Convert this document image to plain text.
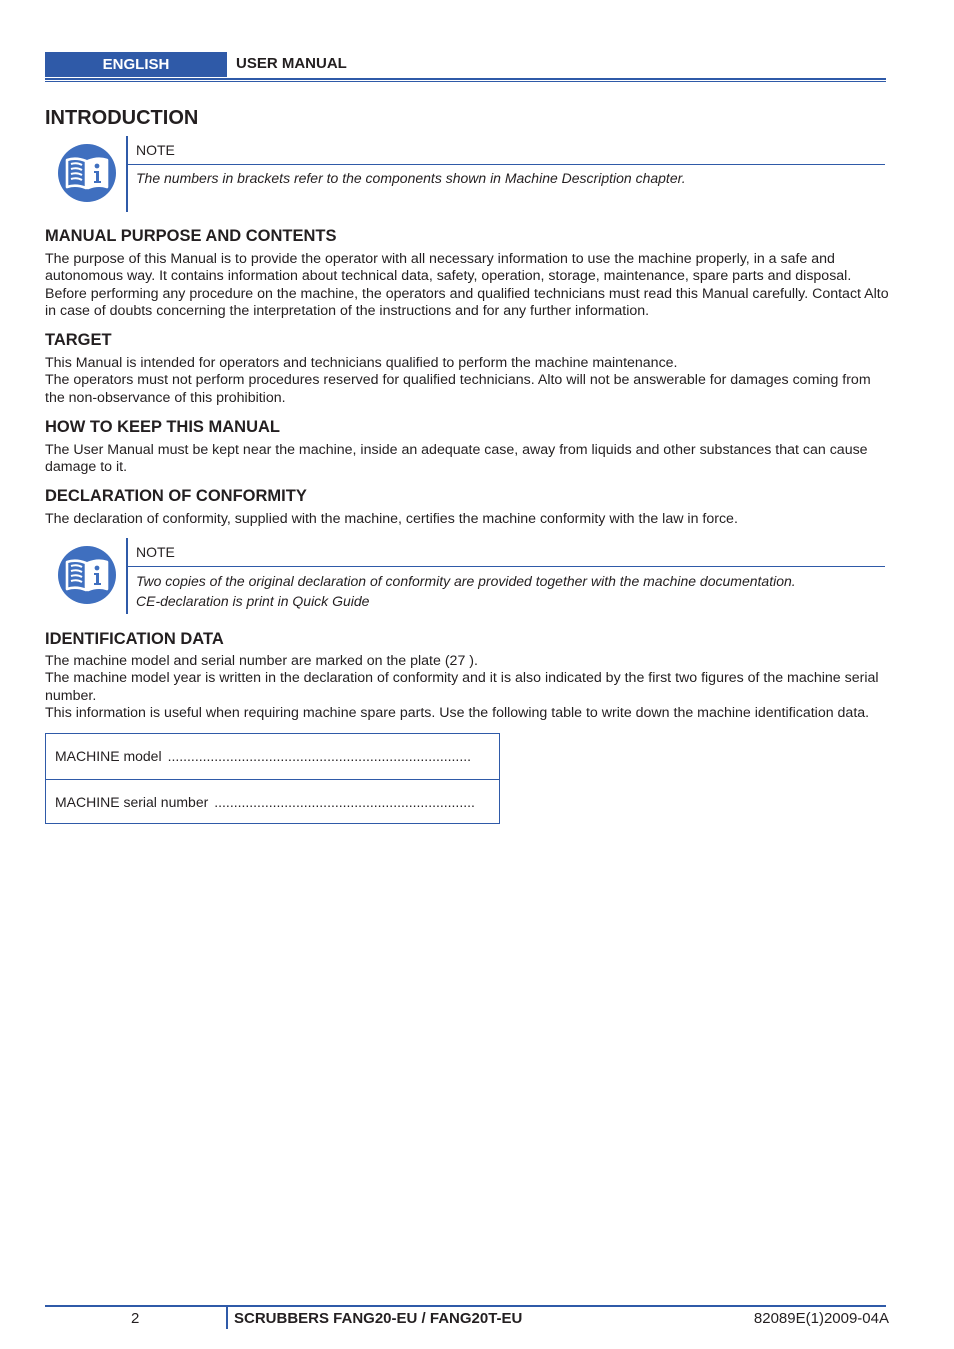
ENGLISH	USER MANUAL
INTRODUCTION
NOTE
The numbers in brackets refer to the components shown in Machine Description chapter.
MANUAL PURPOSE AND CONTENTS

The purpose of this Manual is to provide the operator with all necessary information to use the machine properly, in a safe and autonomous way. It contains information about technical data, safety, operation, storage, maintenance, spare parts and disposal.

Before performing any procedure on the machine, the operators and qualified technicians must read this Manual carefully. Contact Alto in case of doubts concerning the interpretation of the instructions and for any further information.

TARGET

This Manual is intended for operators and technicians qualified to perform the machine maintenance.

The operators must not perform procedures reserved for qualified technicians. Alto will not be answerable for damages coming from the non-observance of this prohibition.

HOW TO KEEP THIS MANUAL

The User Manual must be kept near the machine, inside an adequate case, away from liquids and other substances that can cause damage to it.

DECLARATION OF CONFORMITY

The declaration of conformity, supplied with the machine, certifies the machine conformity with the law in force.

NOTE
Two copies of the original declaration of conformity are provided together with the machine documentation.
CE-declaration is print in Quick Guide
IDENTIFICATION DATA

The machine model and serial number are marked on the plate (27 ).

The machine model year is written in the declaration of conformity and it is also indicated by the first two figures of the machine serial number.

This information is useful when requiring machine spare parts. Use the following table to write down the machine identification data.

MACHINE model ..............................................................................
MACHINE serial number ...................................................................
2	SCRUBBERS FANG20-EU / FANG20T-EU	82089E(1)2009-04A
